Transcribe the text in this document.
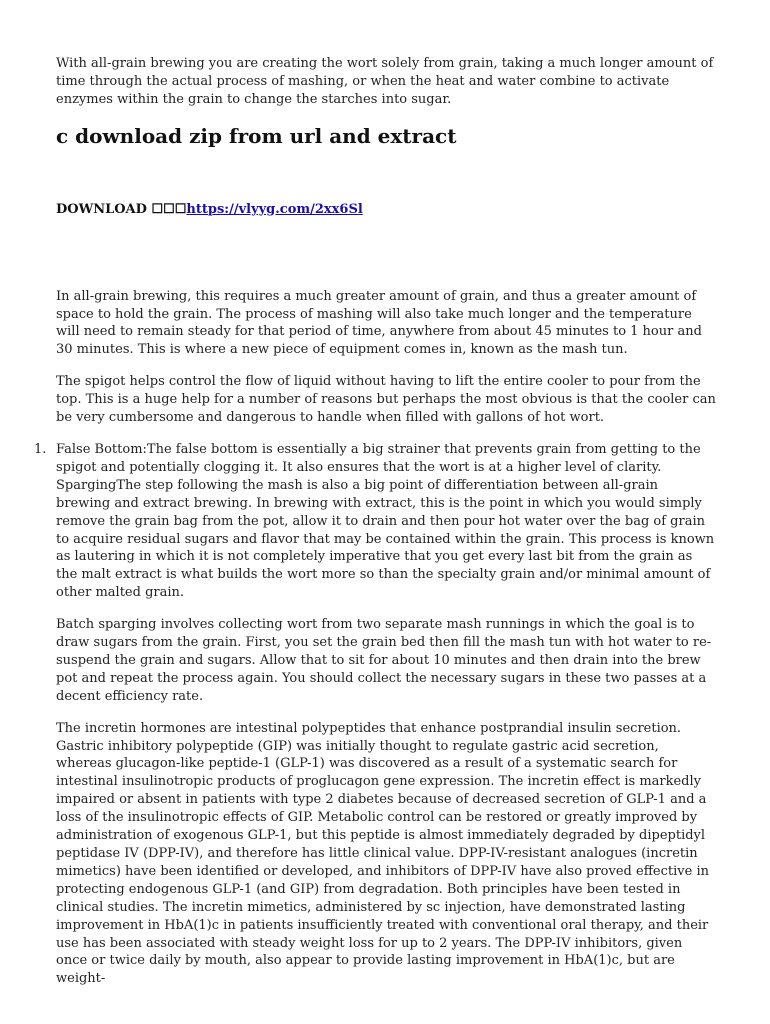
With all-grain brewing you are creating the wort solely from grain, taking a much longer amount of time through the actual process of mashing, or when the heat and water combine to activate enzymes within the grain to change the starches into sugar.

c download zip from url and extract
DOWNLOAD ☐☐☐https://vlyyg.com/2xx6Sl

In all-grain brewing, this requires a much greater amount of grain, and thus a greater amount of space to hold the grain. The process of mashing will also take much longer and the temperature will need to remain steady for that period of time, anywhere from about 45 minutes to 1 hour and 30 minutes. This is where a new piece of equipment comes in, known as the mash tun.

The spigot helps control the flow of liquid without having to lift the entire cooler to pour from the top. This is a huge help for a number of reasons but perhaps the most obvious is that the cooler can be very cumbersome and dangerous to handle when filled with gallons of hot wort.

1. False Bottom:The false bottom is essentially a big strainer that prevents grain from getting to the spigot and potentially clogging it. It also ensures that the wort is at a higher level of clarity. SpargingThe step following the mash is also a big point of differentiation between all-grain brewing and extract brewing. In brewing with extract, this is the point in which you would simply remove the grain bag from the pot, allow it to drain and then pour hot water over the bag of grain to acquire residual sugars and flavor that may be contained within the grain. This process is known as lautering in which it is not completely imperative that you get every last bit from the grain as the malt extract is what builds the wort more so than the specialty grain and/or minimal amount of other malted grain.

Batch sparging involves collecting wort from two separate mash runnings in which the goal is to draw sugars from the grain. First, you set the grain bed then fill the mash tun with hot water to re-suspend the grain and sugars. Allow that to sit for about 10 minutes and then drain into the brew pot and repeat the process again. You should collect the necessary sugars in these two passes at a decent efficiency rate.

The incretin hormones are intestinal polypeptides that enhance postprandial insulin secretion. Gastric inhibitory polypeptide (GIP) was initially thought to regulate gastric acid secretion, whereas glucagon-like peptide-1 (GLP-1) was discovered as a result of a systematic search for intestinal insulinotropic products of proglucagon gene expression. The incretin effect is markedly impaired or absent in patients with type 2 diabetes because of decreased secretion of GLP-1 and a loss of the insulinotropic effects of GIP. Metabolic control can be restored or greatly improved by administration of exogenous GLP-1, but this peptide is almost immediately degraded by dipeptidyl peptidase IV (DPP-IV), and therefore has little clinical value. DPP-IV-resistant analogues (incretin mimetics) have been identified or developed, and inhibitors of DPP-IV have also proved effective in protecting endogenous GLP-1 (and GIP) from degradation. Both principles have been tested in clinical studies. The incretin mimetics, administered by sc injection, have demonstrated lasting improvement in HbA(1)c in patients insufficiently treated with conventional oral therapy, and their use has been associated with steady weight loss for up to 2 years. The DPP-IV inhibitors, given once or twice daily by mouth, also appear to provide lasting improvement in HbA(1)c, but are weight-
